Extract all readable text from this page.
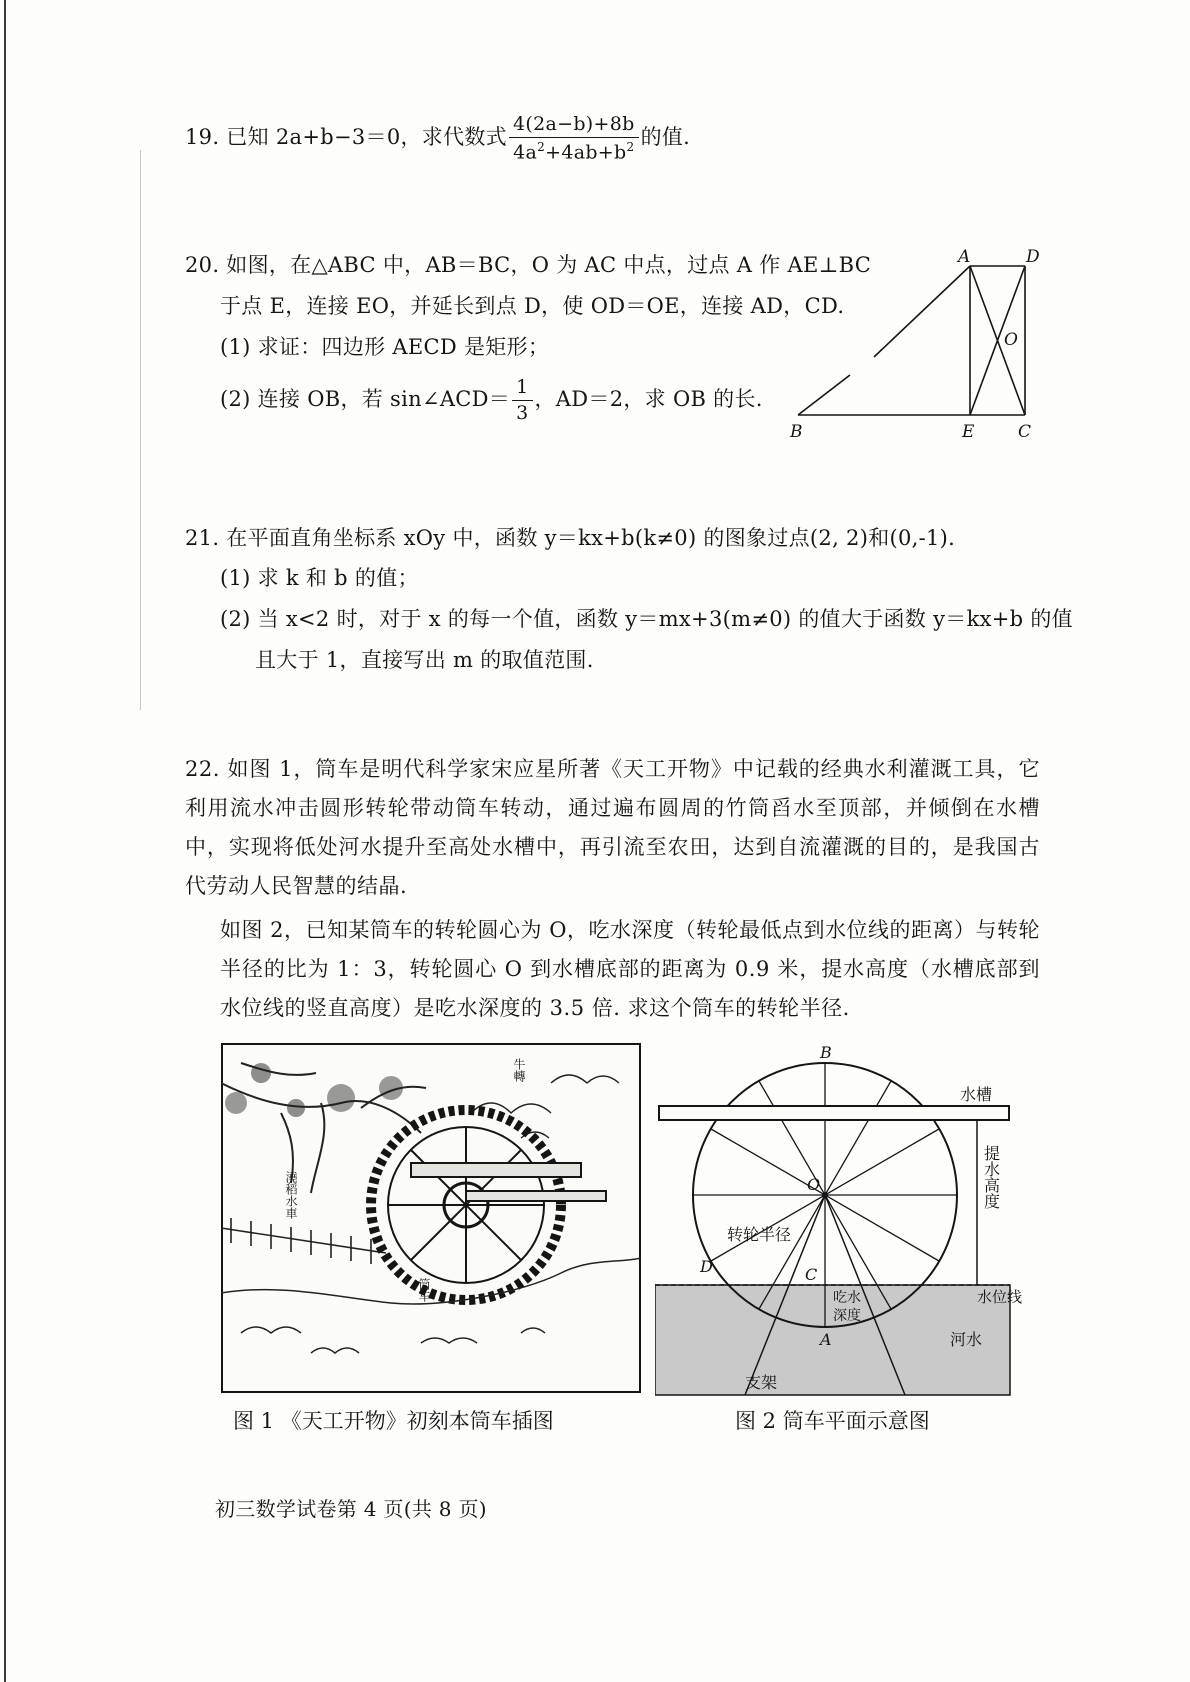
19. 已知 2a+b−3＝0，求代数式 $\frac{4(2a-b)+8b}{4a^2+4ab+b^2}$ 的值.
20. 如图，在△ABC 中，AB＝BC，O 为 AC 中点，过点 A 作 AE⊥BC
于点 E，连接 EO，并延长到点 D，使 OD＝OE，连接 AD，CD.
(1) 求证：四边形 AECD 是矩形；
(2) 连接 OB，若 sin∠ACD＝ $\frac{1}{3}$ ，AD＝2，求 OB 的长.
A	D
O
B	E	C
21. 在平面直角坐标系 xOy 中，函数 y＝kx+b(k≠0) 的图象过点(2, 2)和(0,-1).
(1) 求 k 和 b 的值；
(2) 当 x<2 时，对于 x 的每一个值，函数 y＝mx+3(m≠0) 的值大于函数 y＝kx+b 的值
且大于 1，直接写出 m 的取值范围.
22. 如图 1，筒车是明代科学家宋应星所著《天工开物》中记载的经典水利灌溉工具，它利用流水冲击圆形转轮带动筒车转动，通过遍布圆周的竹筒舀水至顶部，并倾倒在水槽中，实现将低处河水提升至高处水槽中，再引流至农田，达到自流灌溉的目的，是我国古代劳动人民智慧的结晶.
如图 2，已知某筒车的转轮圆心为 O，吃水深度（转轮最低点到水位线的距离）与转轮半径的比为 1：3，转轮圆心 O 到水槽底部的距离为 0.9 米，提水高度（水槽底部到水位线的竖直高度）是吃水深度的 3.5 倍. 求这个筒车的转轮半径.
筒车
澆稻水車
牛轉
B
O
C
D
A
水槽
提水高度
转轮半径
吃水
深度
水位线
河水
支架
图 1 《天工开物》初刻本筒车插图	图 2 筒车平面示意图
初三数学试卷第 4 页(共 8 页)
